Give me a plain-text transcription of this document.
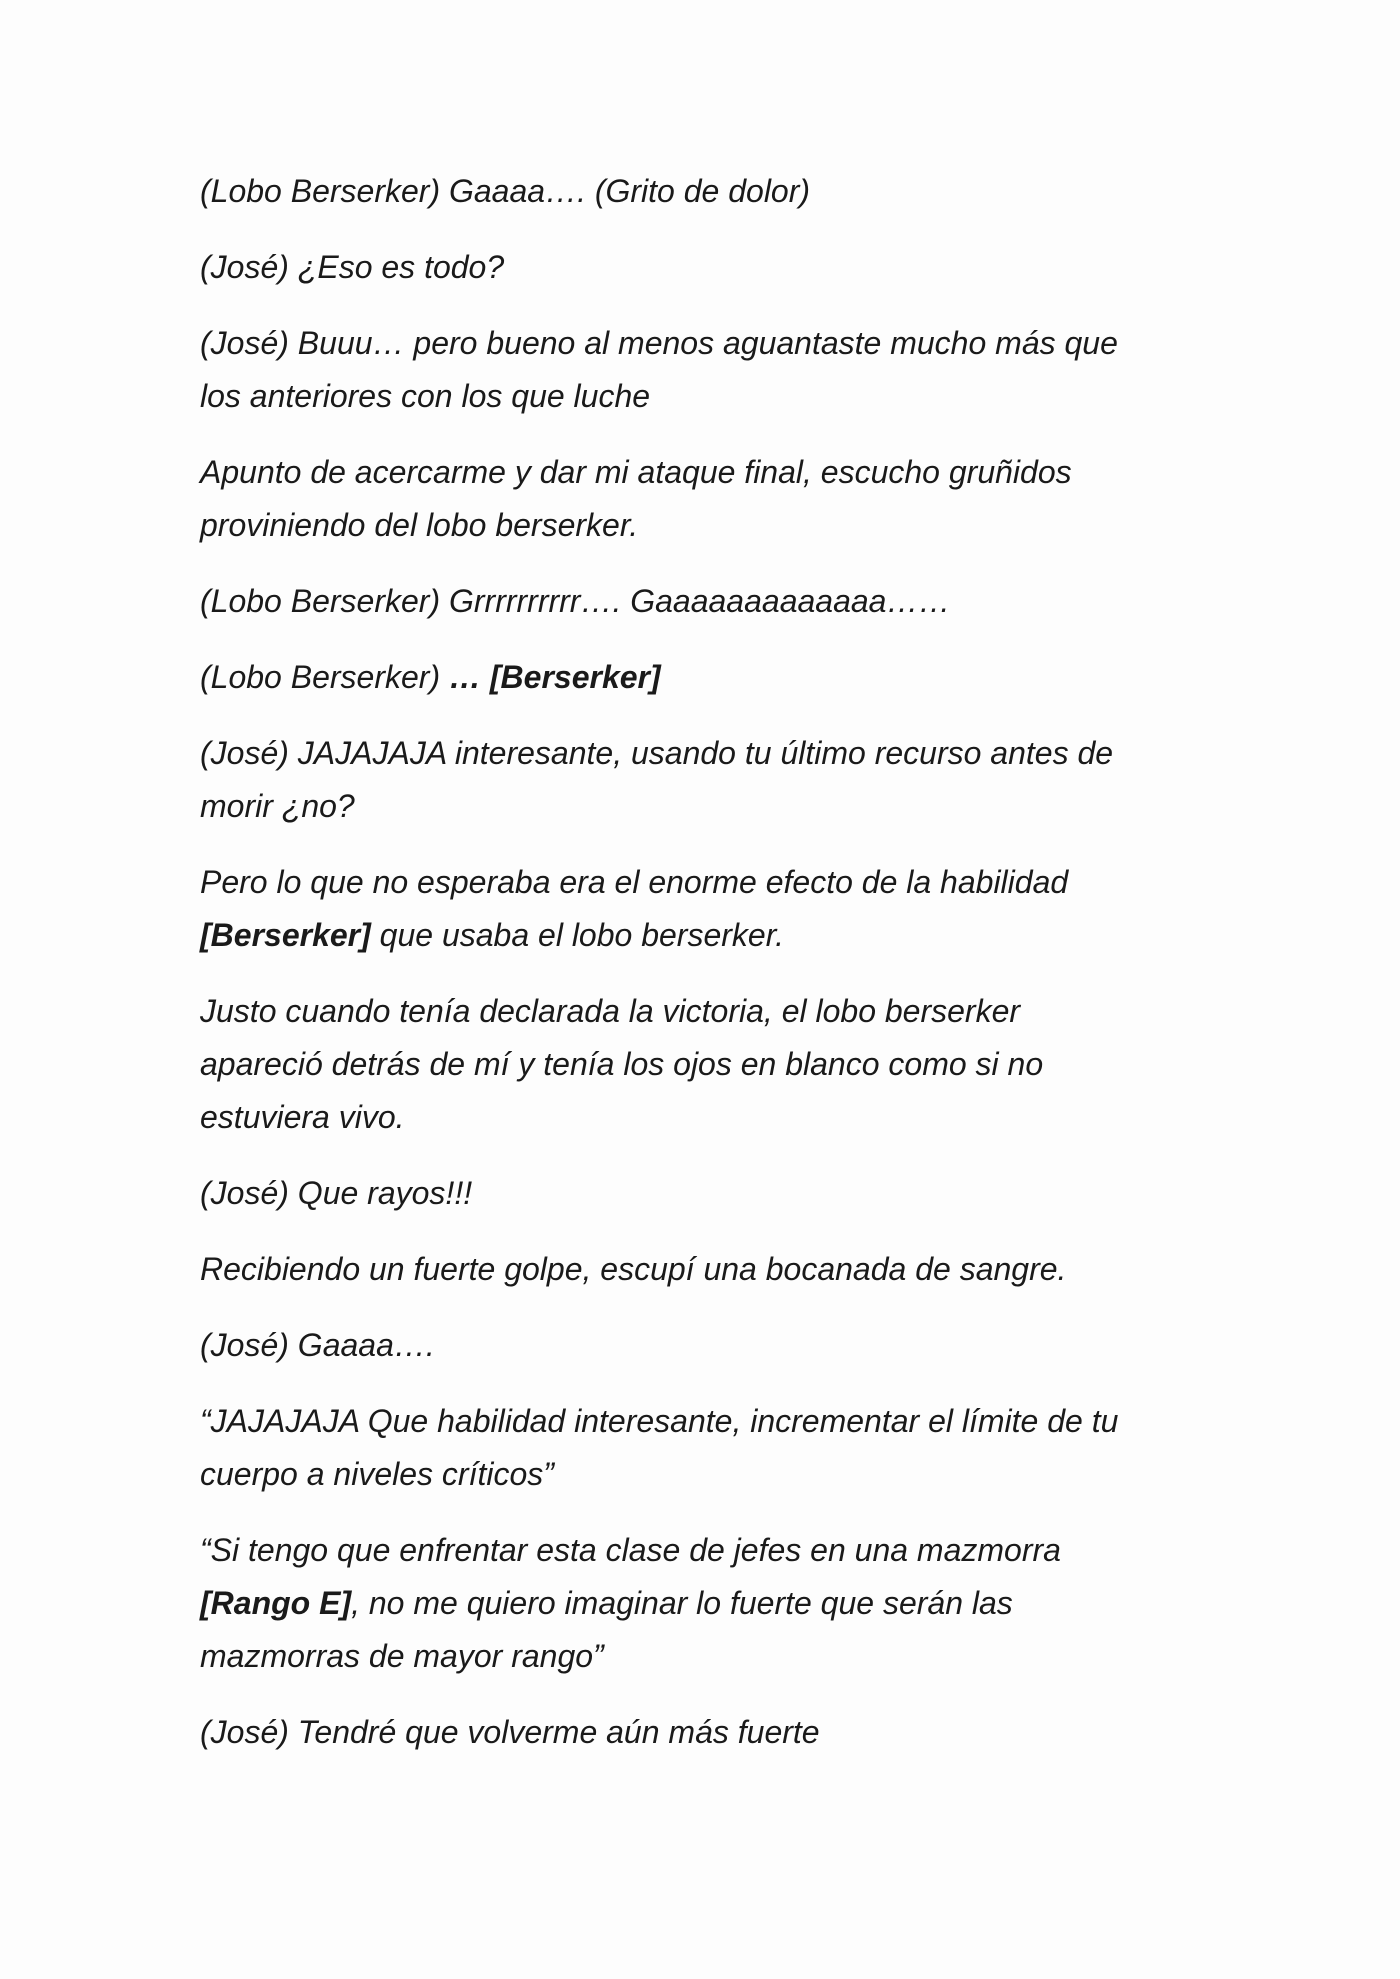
(Lobo Berserker) Gaaaa…. (Grito de dolor)

(José) ¿Eso es todo?

(José) Buuu… pero bueno al menos aguantaste mucho más que
los anteriores con los que luche

Apunto de acercarme y dar mi ataque final, escucho gruñidos
proviniendo del lobo berserker.

(Lobo Berserker) Grrrrrrrrrr…. Gaaaaaaaaaaaaa……

(Lobo Berserker) … [Berserker]

(José) JAJAJAJA interesante, usando tu último recurso antes de
morir ¿no?

Pero lo que no esperaba era el enorme efecto de la habilidad
[Berserker] que usaba el lobo berserker.

Justo cuando tenía declarada la victoria, el lobo berserker
apareció detrás de mí y tenía los ojos en blanco como si no
estuviera vivo.

(José) Que rayos!!!

Recibiendo un fuerte golpe, escupí una bocanada de sangre.

(José) Gaaaa….

“JAJAJAJA Que habilidad interesante, incrementar el límite de tu
cuerpo a niveles críticos”

“Si tengo que enfrentar esta clase de jefes en una mazmorra
[Rango E], no me quiero imaginar lo fuerte que serán las
mazmorras de mayor rango”

(José) Tendré que volverme aún más fuerte
